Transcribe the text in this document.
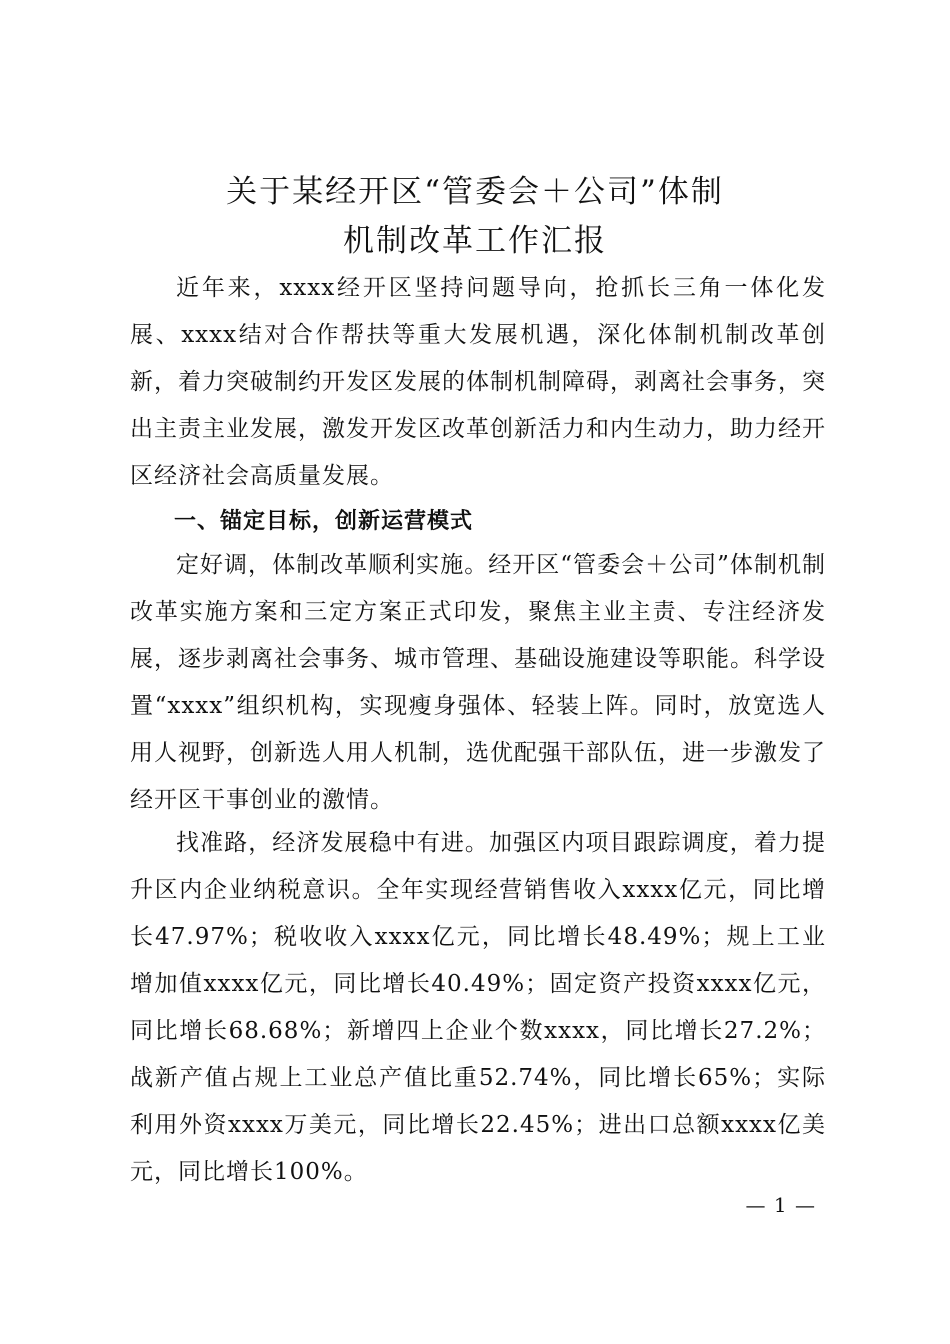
关于某经开区“管委会＋公司”体制
机制改革工作汇报

近年来，xxxx经开区坚持问题导向，抢抓长三角一体化发展、xxxx结对合作帮扶等重大发展机遇，深化体制机制改革创新，着力突破制约开发区发展的体制机制障碍，剥离社会事务，突出主责主业发展，激发开发区改革创新活力和内生动力，助力经开区经济社会高质量发展。

一、锚定目标，创新运营模式

定好调，体制改革顺利实施。经开区“管委会＋公司”体制机制改革实施方案和三定方案正式印发，聚焦主业主责、专注经济发展，逐步剥离社会事务、城市管理、基础设施建设等职能。科学设置“xxxx”组织机构，实现瘦身强体、轻装上阵。同时，放宽选人用人视野，创新选人用人机制，选优配强干部队伍，进一步激发了经开区干事创业的激情。

找准路，经济发展稳中有进。加强区内项目跟踪调度，着力提升区内企业纳税意识。全年实现经营销售收入xxxx亿元，同比增长47.97%；税收收入xxxx亿元，同比增长48.49%；规上工业增加值xxxx亿元，同比增长40.49%；固定资产投资xxxx亿元，同比增长68.68%；新增四上企业个数xxxx，同比增长27.2%；战新产值占规上工业总产值比重52.74%，同比增长65%；实际利用外资xxxx万美元，同比增长22.45%；进出口总额xxxx亿美元，同比增长100%。

— 1 —
